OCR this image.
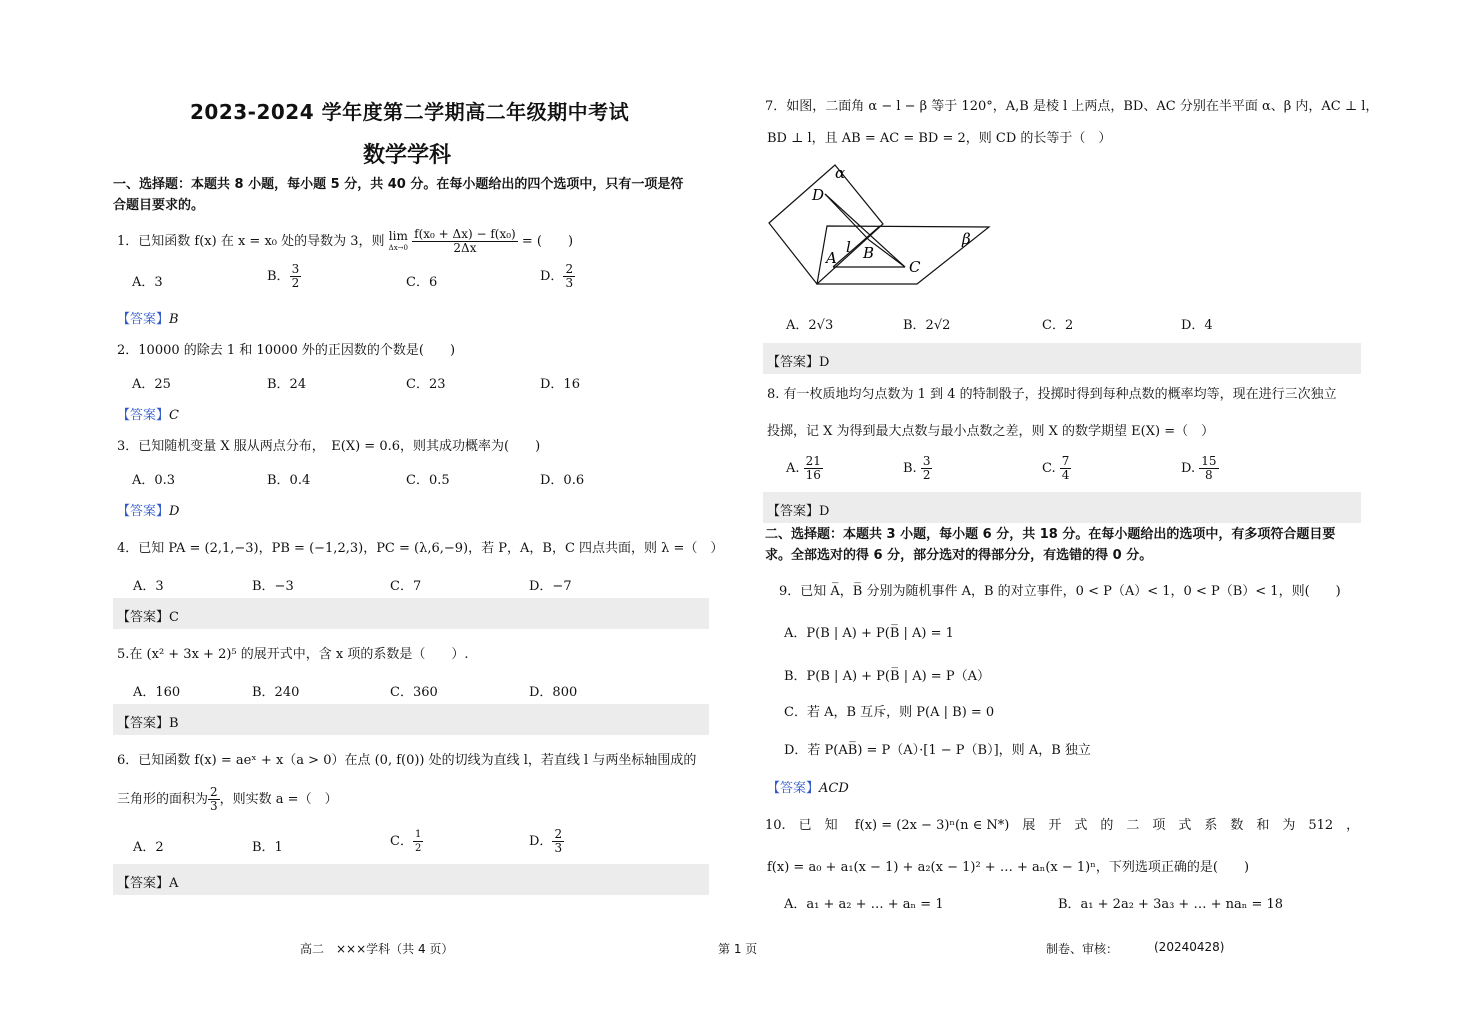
2023-2024 学年度第二学期高二年级期中考试
数学学科
一、选择题：本题共 8 小题，每小题 5 分，共 40 分。在每小题给出的四个选项中，只有一项是符
合题目要求的。
1．已知函数 f(x) 在 x = x₀ 处的导数为 3，则 lim
Δx→0
$\frac{\text{f(x₀ + Δx) − f(x₀)}}{2\Delta x}$ = (　　)
A．3	B． $\frac{3}{2}$	C．6	D． $\frac{2}{3}$
【答案】B
2．10000 的除去 1 和 10000 外的正因数的个数是(　　)
A．25	B．24	C．23	D．16
【答案】C
3．已知随机变量 X 服从两点分布，　E(X) = 0.6，则其成功概率为(　　)
A．0.3	B．0.4	C．0.5	D．0.6
【答案】D
4．已知 PA = (2,1,−3)，PB = (−1,2,3)，PC = (λ,6,−9)，若 P，A，B，C 四点共面，则 λ =（　）
A．3	B．−3	C．7	D．−7
【答案】C
5.在 (x² + 3x + 2)⁵ 的展开式中，含 x 项的系数是（　　）.
A．160	B．240	C．360	D．800
【答案】B
6．已知函数 f(x) = aeˣ + x（a > 0）在点 (0, f(0)) 处的切线为直线 l，若直线 l 与两坐标轴围成的
三角形的面积为 $\frac{2}{3}$ ，则实数 a =（　）
A．2	B．1	C． $\frac{1}{2}$	D． $\frac{2}{3}$
【答案】A
7．如图，二面角 α − l − β 等于 120°，A,B 是棱 l 上两点，BD、AC 分别在半平面 α、β 内，AC ⊥ l，
BD ⊥ l，且 AB = AC = BD = 2，则 CD 的长等于（　）
α
D
β
l B
A	C
A．2√3	B．2√2	C．2	D．4
【答案】D
8. 有一枚质地均匀点数为 1 到 4 的特制骰子，投掷时得到每种点数的概率均等，现在进行三次独立
投掷，记 X 为得到最大点数与最小点数之差，则 X 的数学期望 E(X) =（　）
A. $\frac{21}{16}$	B. $\frac{3}{2}$	C. $\frac{7}{4}$	D. $\frac{15}{8}$
【答案】D
二、选择题：本题共 3 小题，每小题 6 分，共 18 分。在每小题给出的选项中，有多项符合题目要
求。全部选对的得 6 分，部分选对的得部分分，有选错的得 0 分。
9．已知 A̅，B̅ 分别为随机事件 A，B 的对立事件，0 < P（A）< 1，0 < P（B）< 1，则(　　)
A．P(B | A) + P(B̅ | A) = 1
B．P(B | A) + P(B̅ | A) = P（A）
C．若 A，B 互斥，则 P(A | B) = 0
D．若 P(AB̅) = P（A）·[1 − P（B）]，则 A，B 独立
【答案】ACD
10.　已　知　 f(x) = (2x − 3)ⁿ(n ∈ N*)　展　开　式　的　二　项　式　系　数　和　为　512　，
f(x) = a₀ + a₁(x − 1) + a₂(x − 1)² + … + aₙ(x − 1)ⁿ，下列选项正确的是(　　)
A．a₁ + a₂ + … + aₙ = 1	B．a₁ + 2a₂ + 3a₃ + … + naₙ = 18
高二　×××学科（共 4 页）	第 1 页	制卷、审核：	(20240428)
